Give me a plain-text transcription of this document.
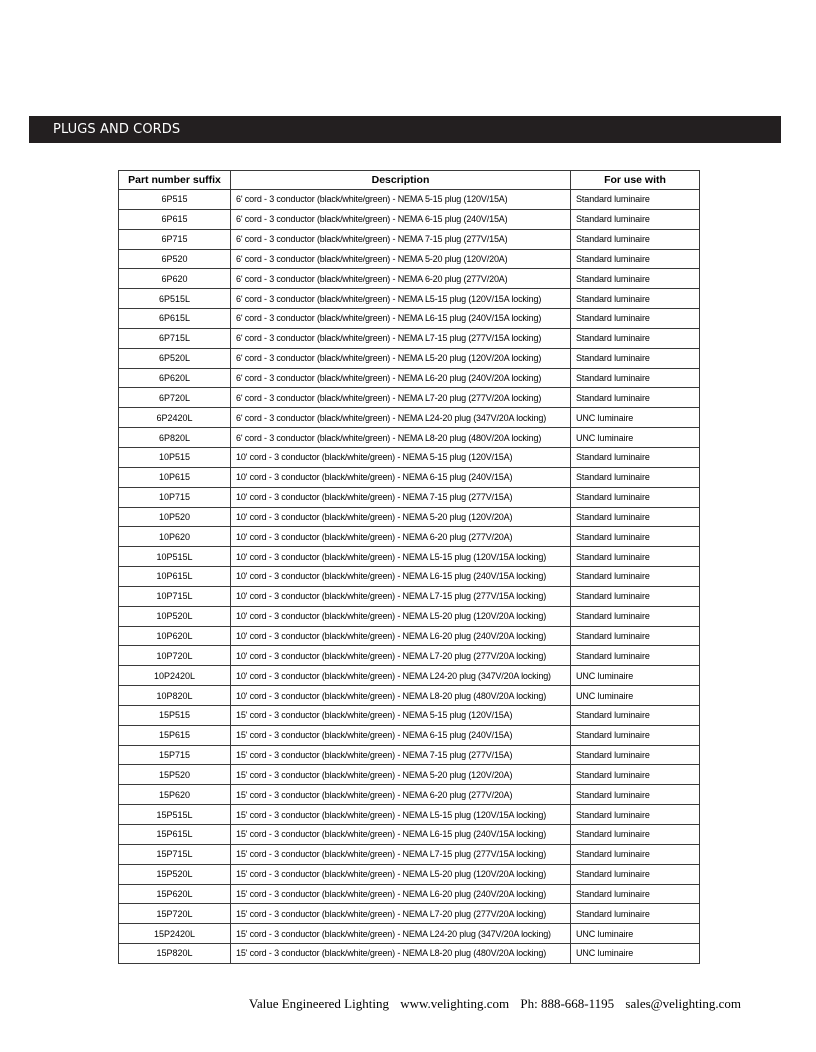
PLUGS AND CORDS
Part number suffix	Description	For use with
6P515	6' cord - 3 conductor (black/white/green) - NEMA 5-15 plug (120V/15A)	Standard luminaire
6P615	6' cord - 3 conductor (black/white/green) - NEMA 6-15 plug (240V/15A)	Standard luminaire
6P715	6' cord - 3 conductor (black/white/green) - NEMA 7-15 plug (277V/15A)	Standard luminaire
6P520	6' cord - 3 conductor (black/white/green) - NEMA 5-20 plug (120V/20A)	Standard luminaire
6P620	6' cord - 3 conductor (black/white/green) - NEMA 6-20 plug (277V/20A)	Standard luminaire
6P515L	6' cord - 3 conductor (black/white/green) - NEMA L5-15 plug (120V/15A locking)	Standard luminaire
6P615L	6' cord - 3 conductor (black/white/green) - NEMA L6-15 plug (240V/15A locking)	Standard luminaire
6P715L	6' cord - 3 conductor (black/white/green) - NEMA L7-15 plug (277V/15A locking)	Standard luminaire
6P520L	6' cord - 3 conductor (black/white/green) - NEMA L5-20 plug (120V/20A locking)	Standard luminaire
6P620L	6' cord - 3 conductor (black/white/green) - NEMA L6-20 plug (240V/20A locking)	Standard luminaire
6P720L	6' cord - 3 conductor (black/white/green) - NEMA L7-20 plug (277V/20A locking)	Standard luminaire
6P2420L	6' cord - 3 conductor (black/white/green) - NEMA L24-20 plug (347V/20A locking)	UNC luminaire
6P820L	6' cord - 3 conductor (black/white/green) - NEMA L8-20 plug (480V/20A locking)	UNC luminaire
10P515	10' cord - 3 conductor (black/white/green) - NEMA 5-15 plug (120V/15A)	Standard luminaire
10P615	10' cord - 3 conductor (black/white/green) - NEMA 6-15 plug (240V/15A)	Standard luminaire
10P715	10' cord - 3 conductor (black/white/green) - NEMA 7-15 plug (277V/15A)	Standard luminaire
10P520	10' cord - 3 conductor (black/white/green) - NEMA 5-20 plug (120V/20A)	Standard luminaire
10P620	10' cord - 3 conductor (black/white/green) - NEMA 6-20 plug (277V/20A)	Standard luminaire
10P515L	10' cord - 3 conductor (black/white/green) - NEMA L5-15 plug (120V/15A locking)	Standard luminaire
10P615L	10' cord - 3 conductor (black/white/green) - NEMA L6-15 plug (240V/15A locking)	Standard luminaire
10P715L	10' cord - 3 conductor (black/white/green) - NEMA L7-15 plug (277V/15A locking)	Standard luminaire
10P520L	10' cord - 3 conductor (black/white/green) - NEMA L5-20 plug (120V/20A locking)	Standard luminaire
10P620L	10' cord - 3 conductor (black/white/green) - NEMA L6-20 plug (240V/20A locking)	Standard luminaire
10P720L	10' cord - 3 conductor (black/white/green) - NEMA L7-20 plug (277V/20A locking)	Standard luminaire
10P2420L	10' cord - 3 conductor (black/white/green) - NEMA L24-20 plug (347V/20A locking)	UNC luminaire
10P820L	10' cord - 3 conductor (black/white/green) - NEMA L8-20 plug (480V/20A locking)	UNC luminaire
15P515	15' cord - 3 conductor (black/white/green) - NEMA 5-15 plug (120V/15A)	Standard luminaire
15P615	15' cord - 3 conductor (black/white/green) - NEMA 6-15 plug (240V/15A)	Standard luminaire
15P715	15' cord - 3 conductor (black/white/green) - NEMA 7-15 plug (277V/15A)	Standard luminaire
15P520	15' cord - 3 conductor (black/white/green) - NEMA 5-20 plug (120V/20A)	Standard luminaire
15P620	15' cord - 3 conductor (black/white/green) - NEMA 6-20 plug (277V/20A)	Standard luminaire
15P515L	15' cord - 3 conductor (black/white/green) - NEMA L5-15 plug (120V/15A locking)	Standard luminaire
15P615L	15' cord - 3 conductor (black/white/green) - NEMA L6-15 plug (240V/15A locking)	Standard luminaire
15P715L	15' cord - 3 conductor (black/white/green) - NEMA L7-15 plug (277V/15A locking)	Standard luminaire
15P520L	15' cord - 3 conductor (black/white/green) - NEMA L5-20 plug (120V/20A locking)	Standard luminaire
15P620L	15' cord - 3 conductor (black/white/green) - NEMA L6-20 plug (240V/20A locking)	Standard luminaire
15P720L	15' cord - 3 conductor (black/white/green) - NEMA L7-20 plug (277V/20A locking)	Standard luminaire
15P2420L	15' cord - 3 conductor (black/white/green) - NEMA L24-20 plug (347V/20A locking)	UNC luminaire
15P820L	15' cord - 3 conductor (black/white/green) - NEMA L8-20 plug (480V/20A locking)	UNC luminaire
Value Engineered Lighting www.velighting.com Ph: 888-668-1195 sales@velighting.com
